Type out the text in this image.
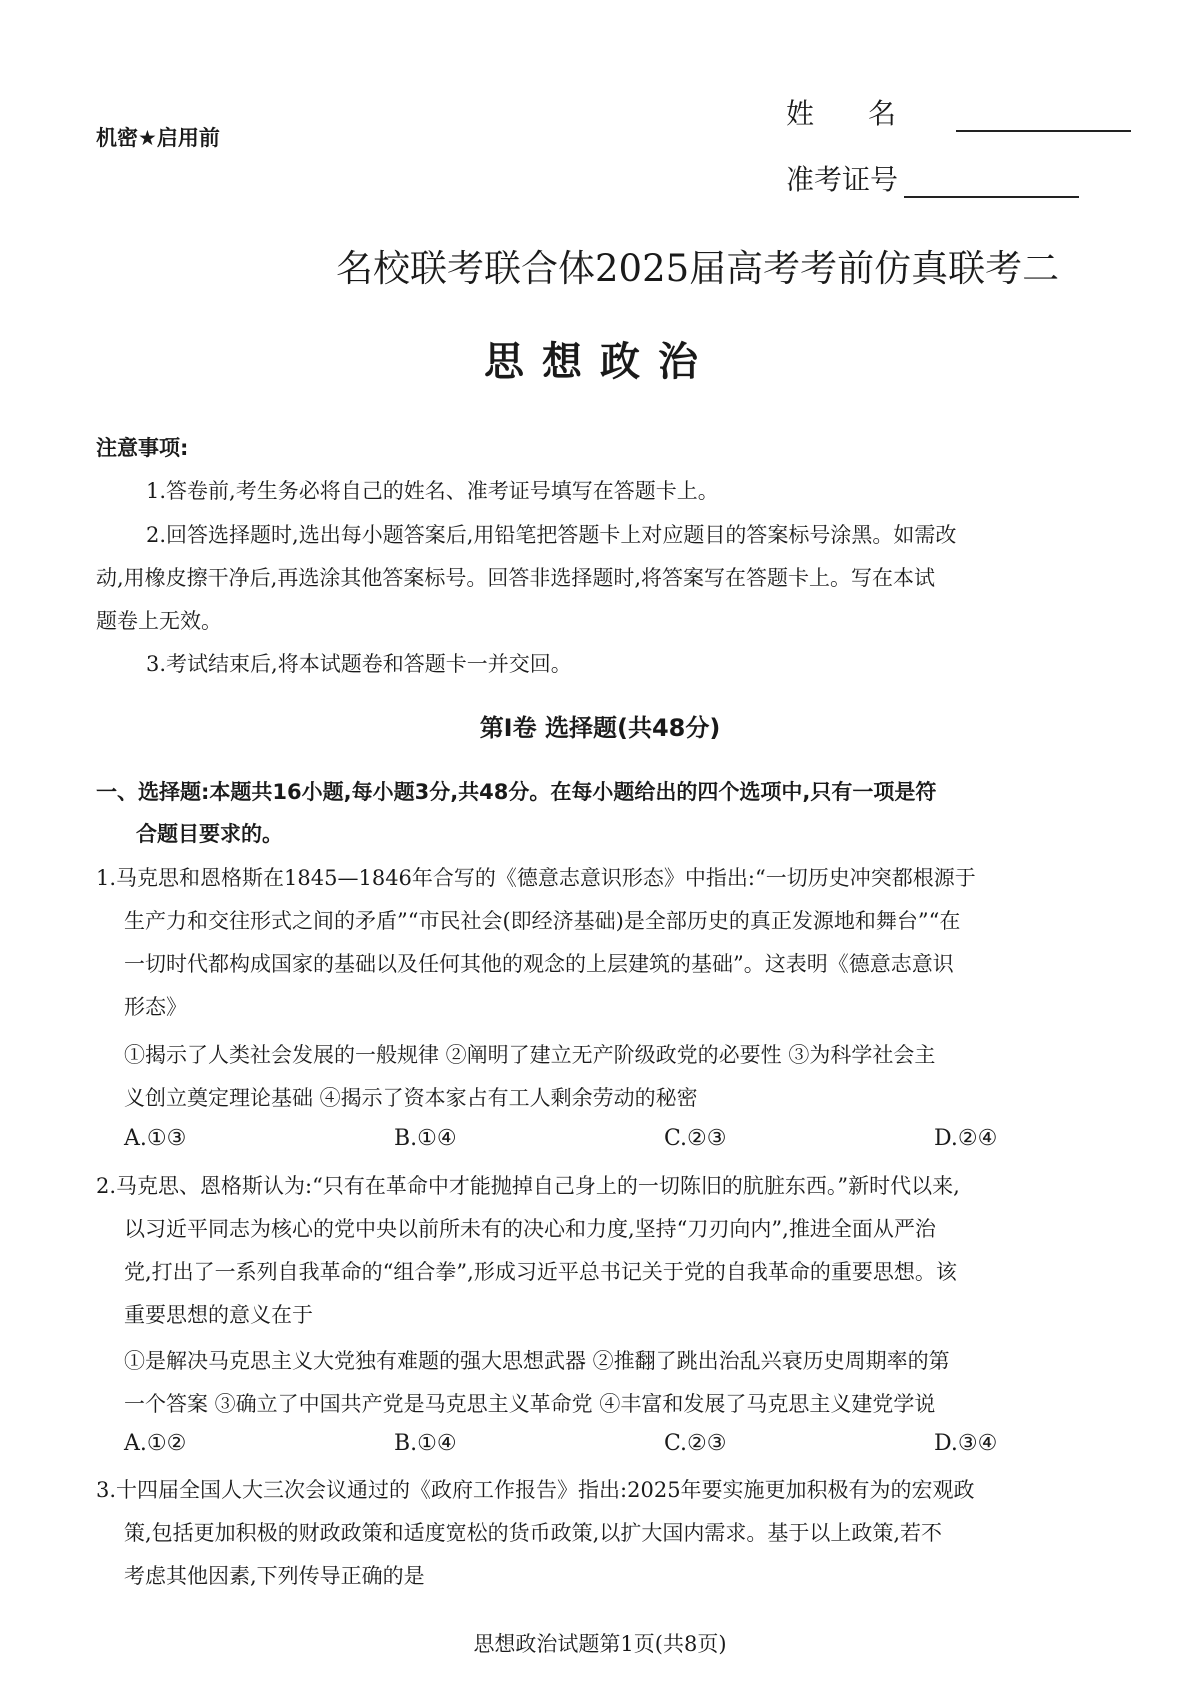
机密★启用前
姓名
准考证号
名校联考联合体2025届高考考前仿真联考二
思想政治
注意事项:
1.答卷前,考生务必将自己的姓名、准考证号填写在答题卡上。
2.回答选择题时,选出每小题答案后,用铅笔把答题卡上对应题目的答案标号涂黑。如需改
动,用橡皮擦干净后,再选涂其他答案标号。回答非选择题时,将答案写在答题卡上。写在本试
题卷上无效。
3.考试结束后,将本试题卷和答题卡一并交回。
第Ⅰ卷 选择题(共48分)
一、选择题:本题共16小题,每小题3分,共48分。在每小题给出的四个选项中,只有一项是符
合题目要求的。
1.马克思和恩格斯在1845—1846年合写的《德意志意识形态》中指出:“一切历史冲突都根源于
生产力和交往形式之间的矛盾”“市民社会(即经济基础)是全部历史的真正发源地和舞台”“在
一切时代都构成国家的基础以及任何其他的观念的上层建筑的基础”。这表明《德意志意识
形态》
①揭示了人类社会发展的一般规律 ②阐明了建立无产阶级政党的必要性 ③为科学社会主
义创立奠定理论基础 ④揭示了资本家占有工人剩余劳动的秘密
A.①③	B.①④	C.②③	D.②④
2.马克思、恩格斯认为:“只有在革命中才能抛掉自己身上的一切陈旧的肮脏东西。”新时代以来,
以习近平同志为核心的党中央以前所未有的决心和力度,坚持“刀刃向内”,推进全面从严治
党,打出了一系列自我革命的“组合拳”,形成习近平总书记关于党的自我革命的重要思想。该
重要思想的意义在于
①是解决马克思主义大党独有难题的强大思想武器 ②推翻了跳出治乱兴衰历史周期率的第
一个答案 ③确立了中国共产党是马克思主义革命党 ④丰富和发展了马克思主义建党学说
A.①②	B.①④	C.②③	D.③④
3.十四届全国人大三次会议通过的《政府工作报告》指出:2025年要实施更加积极有为的宏观政
策,包括更加积极的财政政策和适度宽松的货币政策,以扩大国内需求。基于以上政策,若不
考虑其他因素,下列传导正确的是
思想政治试题第1页(共8页)
